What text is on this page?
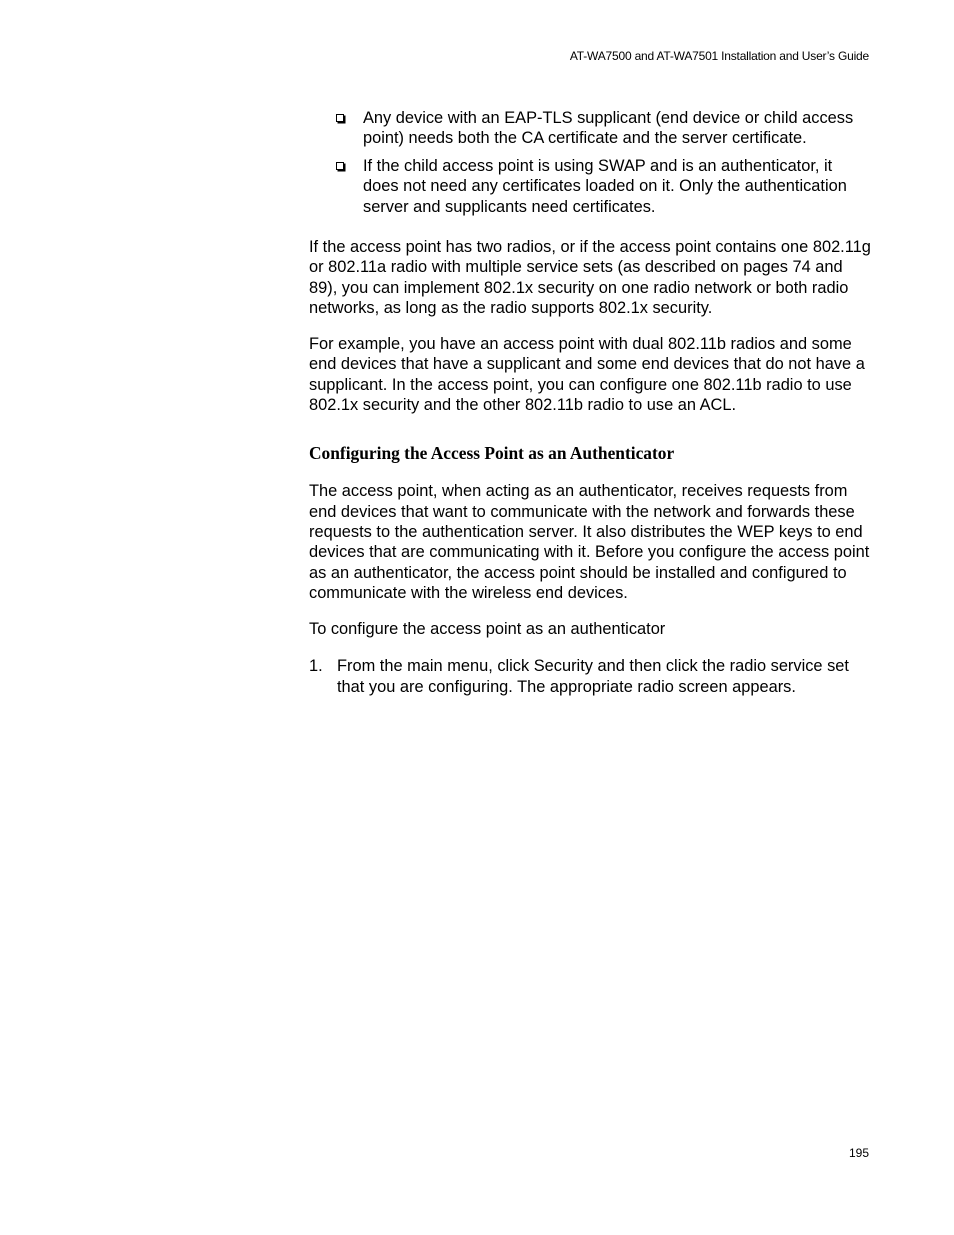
AT-WA7500 and AT-WA7501 Installation and User’s Guide
Any device with an EAP-TLS supplicant (end device or child access point) needs both the CA certificate and the server certificate.
If the child access point is using SWAP and is an authenticator, it does not need any certificates loaded on it. Only the authentication server and supplicants need certificates.

If the access point has two radios, or if the access point contains one 802.11g or 802.11a radio with multiple service sets (as described on pages 74 and 89), you can implement 802.1x security on one radio network or both radio networks, as long as the radio supports 802.1x security.

For example, you have an access point with dual 802.11b radios and some end devices that have a supplicant and some end devices that do not have a supplicant. In the access point, you can configure one 802.11b radio to use 802.1x security and the other 802.11b radio to use an ACL.

Configuring the Access Point as an Authenticator

The access point, when acting as an authenticator, receives requests from end devices that want to communicate with the network and forwards these requests to the authentication server. It also distributes the WEP keys to end devices that are communicating with it. Before you configure the access point as an authenticator, the access point should be installed and configured to communicate with the wireless end devices.

To configure the access point as an authenticator

1. From the main menu, click Security and then click the radio service set that you are configuring. The appropriate radio screen appears.
195
